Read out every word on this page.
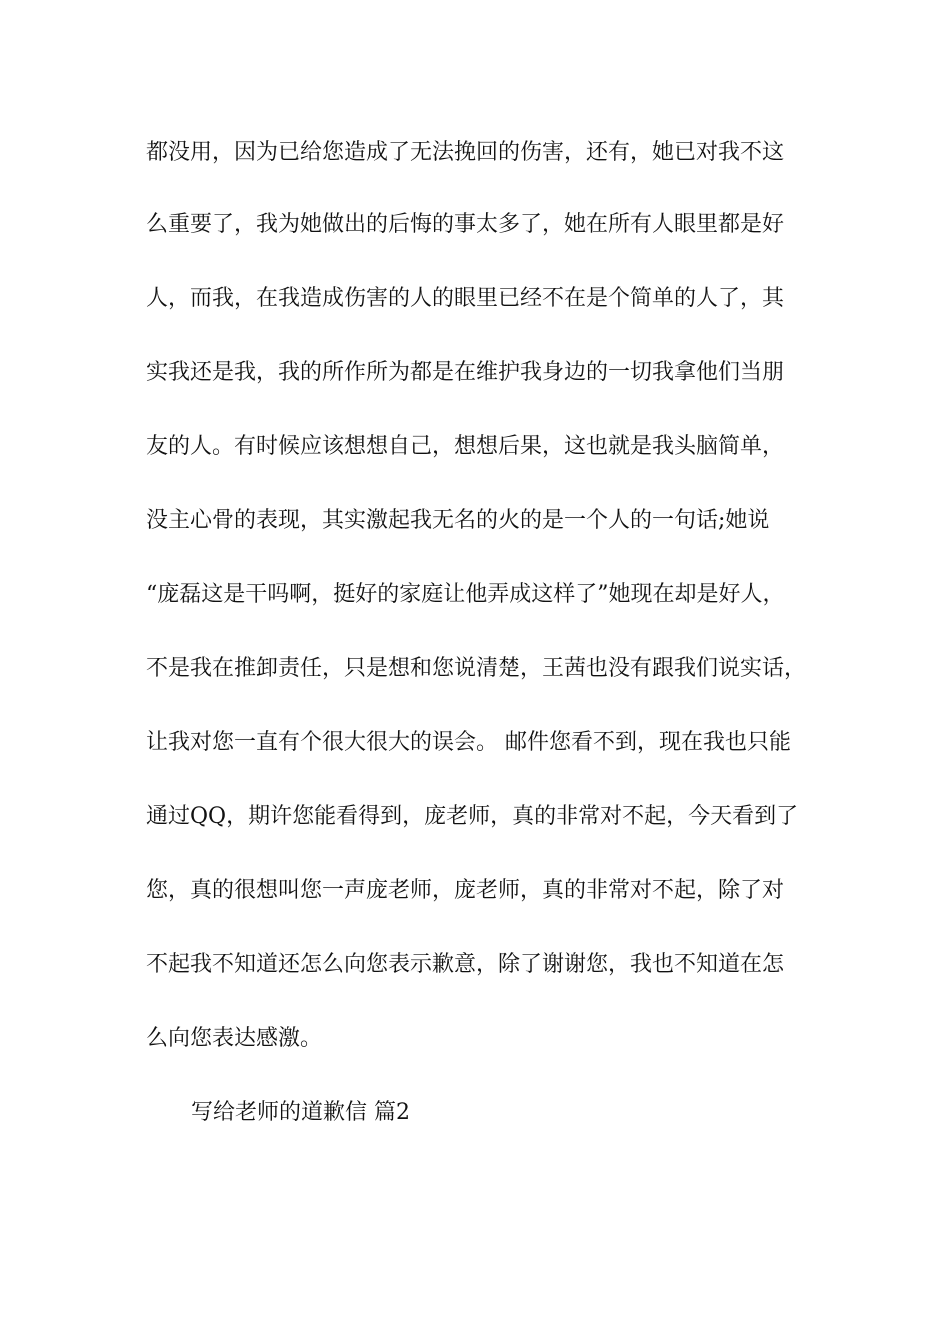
都没用，因为已给您造成了无法挽回的伤害，还有，她已对我不这
么重要了，我为她做出的后悔的事太多了，她在所有人眼里都是好
人，而我，在我造成伤害的人的眼里已经不在是个简单的人了，其
实我还是我，我的所作所为都是在维护我身边的一切我拿他们当朋
友的人。有时候应该想想自己，想想后果，这也就是我头脑简单，
没主心骨的表现，其实激起我无名的火的是一个人的一句话;她说
“庞磊这是干吗啊，挺好的家庭让他弄成这样了”她现在却是好人，
不是我在推卸责任，只是想和您说清楚，王茜也没有跟我们说实话，
让我对您一直有个很大很大的误会。 邮件您看不到，现在我也只能
通过QQ，期许您能看得到，庞老师，真的非常对不起，今天看到了
您，真的很想叫您一声庞老师，庞老师，真的非常对不起，除了对
不起我不知道还怎么向您表示歉意，除了谢谢您，我也不知道在怎
么向您表达感激。
写给老师的道歉信 篇2
